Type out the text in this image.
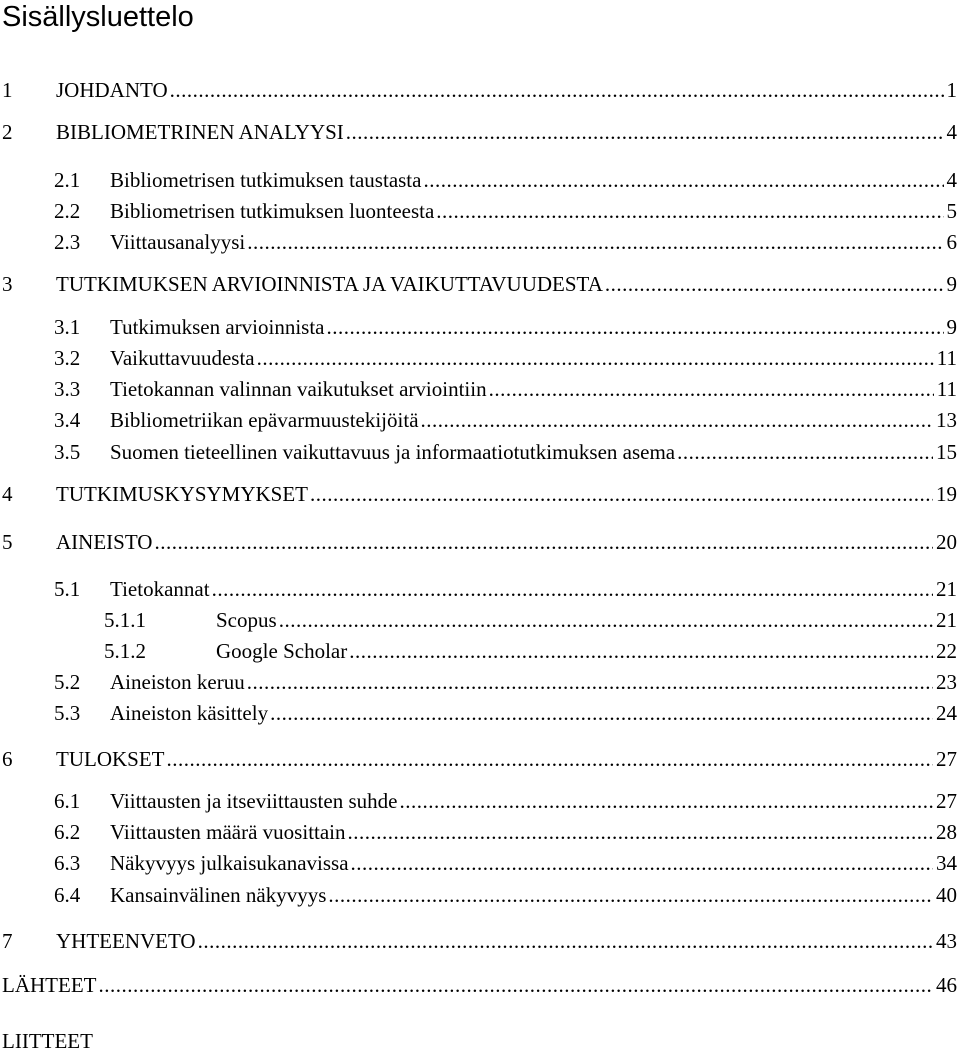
Sisällysluettelo
1 JOHDANTO .....	1
2 BIBLIOMETRINEN ANALYYSI .....	4
2.1 Bibliometrisen tutkimuksen taustasta .....	4
2.2 Bibliometrisen tutkimuksen luonteesta .....	5
2.3 Viittausanalyysi .....	6
3 TUTKIMUKSEN ARVIOINNISTA JA VAIKUTTAVUUDESTA .....	9
3.1 Tutkimuksen arvioinnista .....	9
3.2 Vaikuttavuudesta .....	11
3.3 Tietokannan valinnan vaikutukset arviointiin .....	11
3.4 Bibliometriikan epävarmuustekijöitä .....	13
3.5 Suomen tieteellinen vaikuttavuus ja informaatiotutkimuksen asema .....	15
4 TUTKIMUSKYSYMYKSET .....	19
5 AINEISTO .....	20
5.1 Tietokannat .....	21
5.1.1	Scopus .....	21
5.1.2	Google Scholar .....	22
5.2 Aineiston keruu .....	23
5.3 Aineiston käsittely .....	24
6 TULOKSET .....	27
6.1 Viittausten ja itseviittausten suhde .....	27
6.2 Viittausten määrä vuosittain .....	28
6.3 Näkyvyys julkaisukanavissa .....	34
6.4 Kansainvälinen näkyvyys .....	40
7 YHTEENVETO .....	43
LÄHTEET .....	46
LIITTEET
